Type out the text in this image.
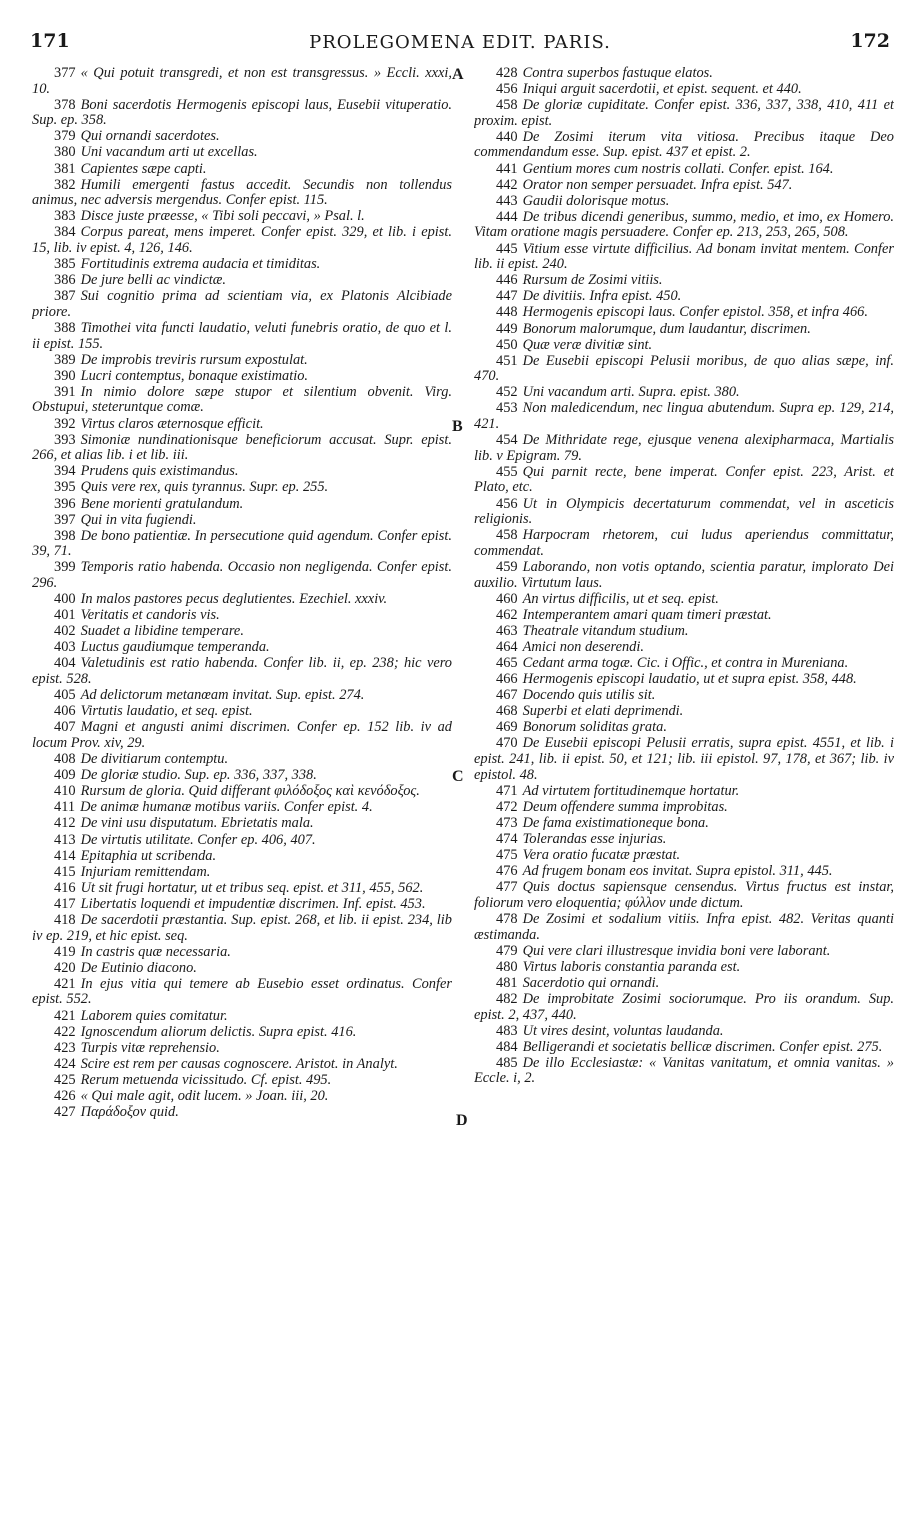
171	PROLEGOMENA EDIT. PARIS.	172

377 « Qui potuit transgredi, et non est transgressus. » Eccli. xxxi, 10.

378 Boni sacerdotis Hermogenis episcopi laus, Eusebii vituperatio. Sup. ep. 358.

379 Qui ornandi sacerdotes.

380 Uni vacandum arti ut excellas.

381 Capientes sæpe capti.

382 Humili emergenti fastus accedit. Secundis non tollendus animus, nec adversis mergendus. Confer epist. 115.

383 Disce juste præesse, « Tibi soli peccavi, » Psal. l.

384 Corpus pareat, mens imperet. Confer epist. 329, et lib. i epist. 15, lib. iv epist. 4, 126, 146.

385 Fortitudinis extrema audacia et timiditas.

386 De jure belli ac vindictæ.

387 Sui cognitio prima ad scientiam via, ex Platonis Alcibiade priore.

388 Timothei vita functi laudatio, veluti funebris oratio, de quo et l. ii epist. 155.

389 De improbis treviris rursum expostulat.

390 Lucri contemptus, bonaque existimatio.

391 In nimio dolore sæpe stupor et silentium obvenit. Virg. Obstupui, steteruntque comæ.

392 Virtus claros æternosque efficit.

393 Simoniæ nundinationisque beneficiorum accusat. Supr. epist. 266, et alias lib. i et lib. iii.

394 Prudens quis existimandus.

395 Quis vere rex, quis tyrannus. Supr. ep. 255.

396 Bene morienti gratulandum.

397 Qui in vita fugiendi.

398 De bono patientiæ. In persecutione quid agendum. Confer epist. 39, 71.

399 Temporis ratio habenda. Occasio non negligenda. Confer epist. 296.

400 In malos pastores pecus deglutientes. Ezechiel. xxxiv.

401 Veritatis et candoris vis.

402 Suadet a libidine temperare.

403 Luctus gaudiumque temperanda.

404 Valetudinis est ratio habenda. Confer lib. ii, ep. 238; hic vero epist. 528.

405 Ad delictorum metanœam invitat. Sup. epist. 274.

406 Virtutis laudatio, et seq. epist.

407 Magni et angusti animi discrimen. Confer ep. 152 lib. iv ad locum Prov. xiv, 29.

408 De divitiarum contemptu.

409 De gloriæ studio. Sup. ep. 336, 337, 338.

410 Rursum de gloria. Quid differant φιλόδοξος καὶ κενόδοξος.

411 De animæ humanæ motibus variis. Confer epist. 4.

412 De vini usu disputatum. Ebrietatis mala.

413 De virtutis utilitate. Confer ep. 406, 407.

414 Epitaphia ut scribenda.

415 Injuriam remittendam.

416 Ut sit frugi hortatur, ut et tribus seq. epist. et 311, 455, 562.

417 Libertatis loquendi et impudentiæ discrimen. Inf. epist. 453.

418 De sacerdotii præstantia. Sup. epist. 268, et lib. ii epist. 234, lib iv ep. 219, et hic epist. seq.

419 In castris quæ necessaria.

420 De Eutinio diacono.

421 In ejus vitia qui temere ab Eusebio esset ordinatus. Confer epist. 552.

421 Laborem quies comitatur.

422 Ignoscendum aliorum delictis. Supra epist. 416.

423 Turpis vitæ reprehensio.

424 Scire est rem per causas cognoscere. Aristot. in Analyt.

425 Rerum metuenda vicissitudo. Cf. epist. 495.

426 « Qui male agit, odit lucem. » Joan. iii, 20.

427 Παράδοξον quid.

428 Contra superbos fastuque elatos.

456 Iniqui arguit sacerdotii, et epist. sequent. et 440.

458 De gloriæ cupiditate. Confer epist. 336, 337, 338, 410, 411 et proxim. epist.

440 De Zosimi iterum vita vitiosa. Precibus itaque Deo commendandum esse. Sup. epist. 437 et epist. 2.

441 Gentium mores cum nostris collati. Confer. epist. 164.

442 Orator non semper persuadet. Infra epist. 547.

443 Gaudii dolorisque motus.

444 De tribus dicendi generibus, summo, medio, et imo, ex Homero. Vitam oratione magis persuadere. Confer ep. 213, 253, 265, 508.

445 Vitium esse virtute difficilius. Ad bonam invitat mentem. Confer lib. ii epist. 240.

446 Rursum de Zosimi vitiis.

447 De divitiis. Infra epist. 450.

448 Hermogenis episcopi laus. Confer epistol. 358, et infra 466.

449 Bonorum malorumque, dum laudantur, discrimen.

450 Quæ veræ divitiæ sint.

451 De Eusebii episcopi Pelusii moribus, de quo alias sæpe, inf. 470.

452 Uni vacandum arti. Supra. epist. 380.

453 Non maledicendum, nec lingua abutendum. Supra ep. 129, 214, 421.

454 De Mithridate rege, ejusque venena alexipharmaca, Martialis lib. v Epigram. 79.

455 Qui parnit recte, bene imperat. Confer epist. 223, Arist. et Plato, etc.

456 Ut in Olympicis decertaturum commendat, vel in asceticis religionis.

458 Harpocram rhetorem, cui ludus aperiendus committatur, commendat.

459 Laborando, non votis optando, scientia paratur, implorato Dei auxilio. Virtutum laus.

460 An virtus difficilis, ut et seq. epist.

462 Intemperantem amari quam timeri præstat.

463 Theatrale vitandum studium.

464 Amici non deserendi.

465 Cedant arma togæ. Cic. i Offic., et contra in Mureniana.

466 Hermogenis episcopi laudatio, ut et supra epist. 358, 448.

467 Docendo quis utilis sit.

468 Superbi et elati deprimendi.

469 Bonorum soliditas grata.

470 De Eusebii episcopi Pelusii erratis, supra epist. 4551, et lib. i epist. 241, lib. ii epist. 50, et 121; lib. iii epistol. 97, 178, et 367; lib. iv epistol. 48.

471 Ad virtutem fortitudinemque hortatur.

472 Deum offendere summa improbitas.

473 De fama existimationeque bona.

474 Tolerandas esse injurias.

475 Vera oratio fucatæ præstat.

476 Ad frugem bonam eos invitat. Supra epistol. 311, 445.

477 Quis doctus sapiensque censendus. Virtus fructus est instar, foliorum vero eloquentia; φύλλον unde dictum.

478 De Zosimi et sodalium vitiis. Infra epist. 482. Veritas quanti æstimanda.

479 Qui vere clari illustresque invidia boni vere laborant.

480 Virtus laboris constantia paranda est.

481 Sacerdotio qui ornandi.

482 De improbitate Zosimi sociorumque. Pro iis orandum. Sup. epist. 2, 437, 440.

483 Ut vires desint, voluntas laudanda.

484 Belligerandi et societatis bellicæ discrimen. Confer epist. 275.

485 De illo Ecclesiastæ: « Vanitas vanitatum, et omnia vanitas. » Eccle. i, 2.

A
B
C
D
